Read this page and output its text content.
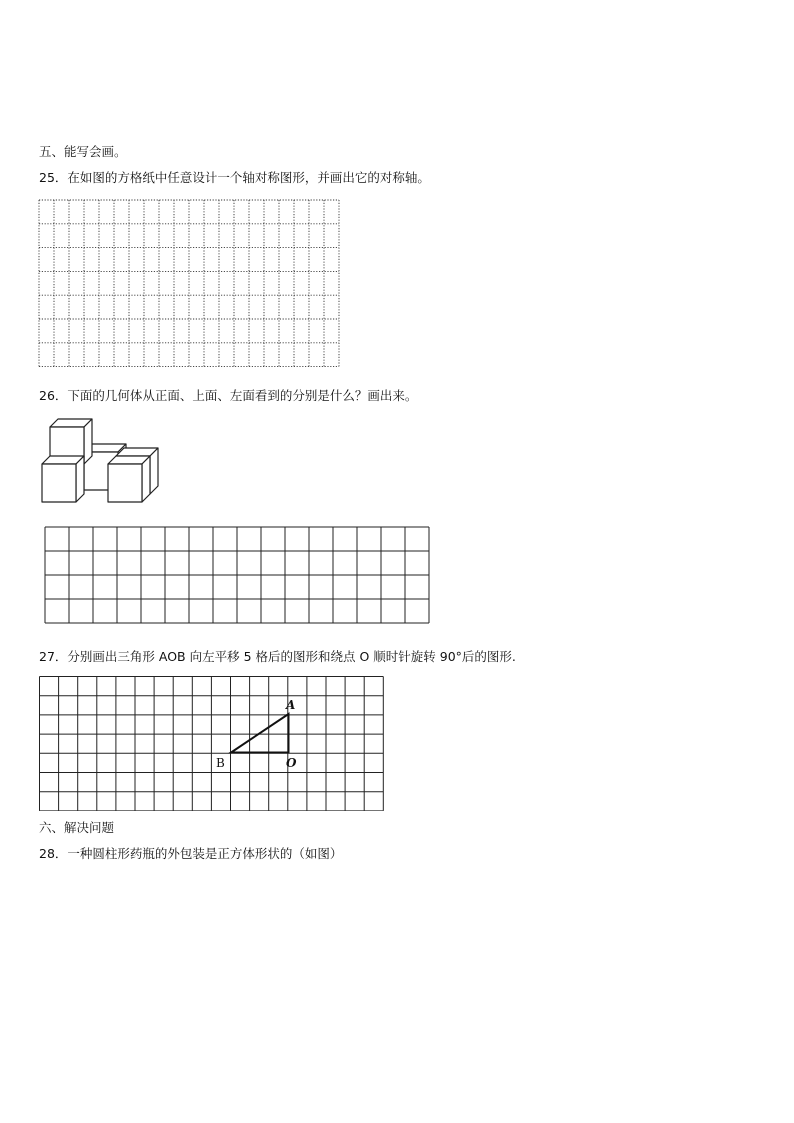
五、能写会画。
25．在如图的方格纸中任意设计一个轴对称图形，并画出它的对称轴。
26．下面的几何体从正面、上面、左面看到的分别是什么？画出来。
27．分别画出三角形 AOB 向左平移 5 格后的图形和绕点 O 顺时针旋转 90°后的图形.
A
B	O
六、解决问题
28．一种圆柱形药瓶的外包装是正方体形状的（如图）
